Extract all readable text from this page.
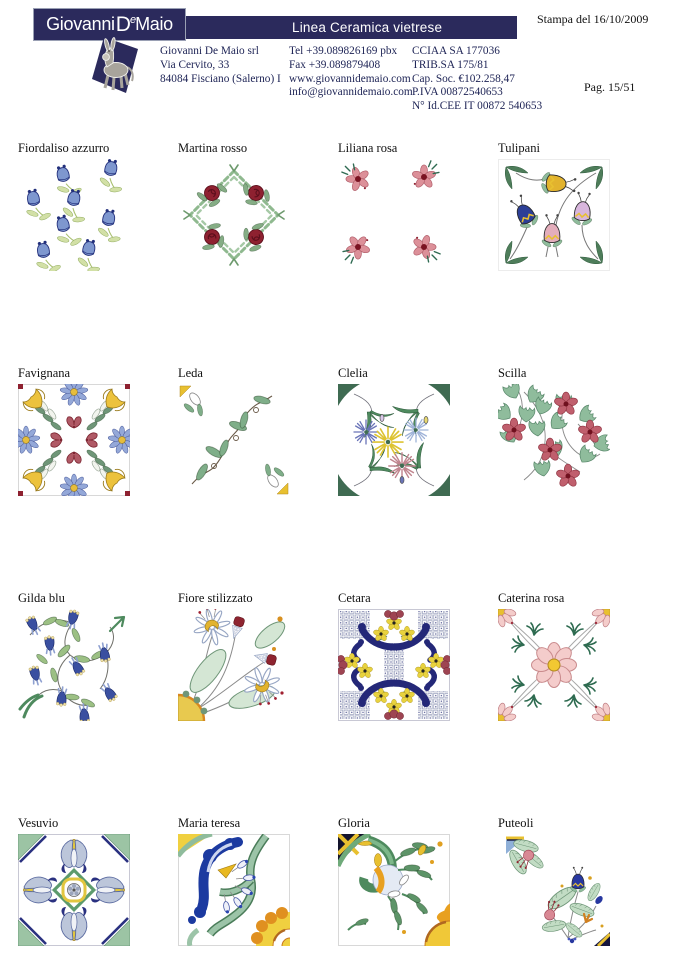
Linea Ceramica vietrese
Giovanni D e Maio	Stampa del 16/10/2009
Giovanni De Maio srl
Via Cervito, 33
84084 Fisciano (Salerno) I
Tel +39.089826169 pbx
Fax +39.089879408
www.giovannidemaio.com
info@giovannidemaio.com
CCIAA SA 177036
TRIB.SA 175/81
Cap. Soc. €102.258,47
P.IVA 00872540653
N° Id.CEE IT 00872 540653
Pag. 15/51
Fiordaliso azzurro	Martina rosso	Liliana rosa	Tulipani
Favignana	Leda	Clelia	Scilla
Gilda blu	Fiore stilizzato	Cetara	Caterina rosa
Vesuvio	Maria teresa	Gloria	Puteoli
